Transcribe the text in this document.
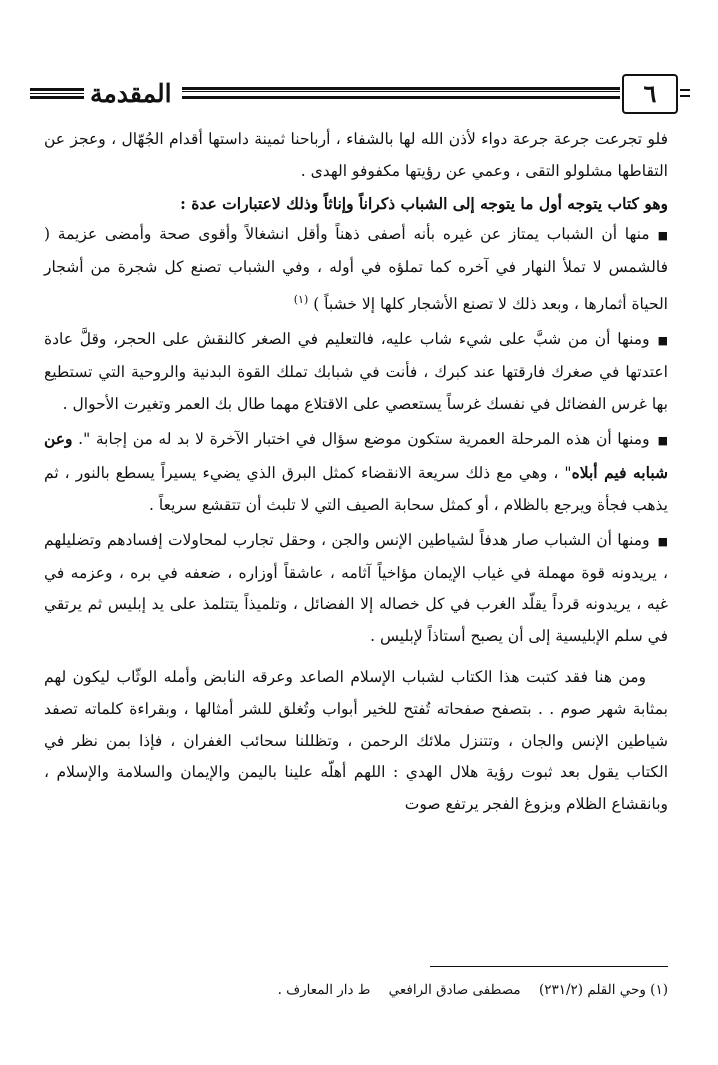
المقدمة	٦

فلو تجرعت جرعة جرعة دواء لأذن الله لها بالشفاء ، أرباحنا ثمينة داستها أقدام الجُهّال ، وعجز عن التقاطها مشلولو التقى ، وعمي عن رؤيتها مكفوفو الهدى .

وهو كتاب يتوجه أول ما يتوجه إلى الشباب ذكراناً وإناثاً وذلك لاعتبارات عدة :

■منها أن الشباب يمتاز عن غيره بأنه أصفى ذهناً وأقل انشغالاً وأقوى صحة وأمضى عزيمة ( فالشمس لا تملأ النهار في آخره كما تملؤه في أوله ، وفي الشباب تصنع كل شجرة من أشجار الحياة أثمارها ، وبعد ذلك لا تصنع الأشجار كلها إلا خشباً ) $^{(١)}$

■ومنها أن من شبَّ على شيء شاب عليه، فالتعليم في الصغر كالنقش على الحجر، وقلَّ عادة اعتدتها في صغرك فارقتها عند كبرك ، فأنت في شبابك تملك القوة البدنية والروحية التي تستطيع بها غرس الفضائل في نفسك غرساً يستعصي على الاقتلاع مهما طال بك العمر وتغيرت الأحوال .

■ومنها أن هذه المرحلة العمرية ستكون موضع سؤال في اختبار الآخرة لا بد له من إجابة ". وعن شبابه فيم أبلاه" ، وهي مع ذلك سريعة الانقضاء كمثل البرق الذي يضيء يسيراً يسطع بالنور ، ثم يذهب فجأة ويرجع بالظلام ، أو كمثل سحابة الصيف التي لا تلبث أن تتقشع سريعاً .

■ومنها أن الشباب صار هدفاً لشياطين الإنس والجن ، وحقل تجارب لمحاولات إفسادهم وتضليلهم ، يريدونه قوة مهملة في غياب الإيمان مؤاخياً آثامه ، عاشقاً أوزاره ، ضعفه في بره ، وعزمه في غيه ، يريدونه قرداً يقلّد الغرب في كل خصاله إلا الفضائل ، وتلميذاً يتتلمذ على يد إبليس ثم يرتقي في سلم الإبليسية إلى أن يصبح أستاذاً لإبليس .

ومن هنا فقد كتبت هذا الكتاب لشباب الإسلام الصاعد وعرقه النابض وأمله الوثّاب ليكون لهم بمثابة شهر صوم . . بتصفح صفحاته تُفتح للخير أبواب وتُغلق للشر أمثالها ، وبقراءة كلماته تصفد شياطين الإنس والجان ، وتتنزل ملائك الرحمن ، وتظللنا سحائب الغفران ، فإذا بمن نظر في الكتاب يقول بعد ثبوت رؤية هلال الهدي : اللهم أهلّه علينا باليمن والإيمان والسلامة والإسلام ، وبانقشاع الظلام وبزوغ الفجر يرتفع صوت

(١) وحي القلم (٢٣١/٢) مصطفى صادق الرافعي ط دار المعارف .
